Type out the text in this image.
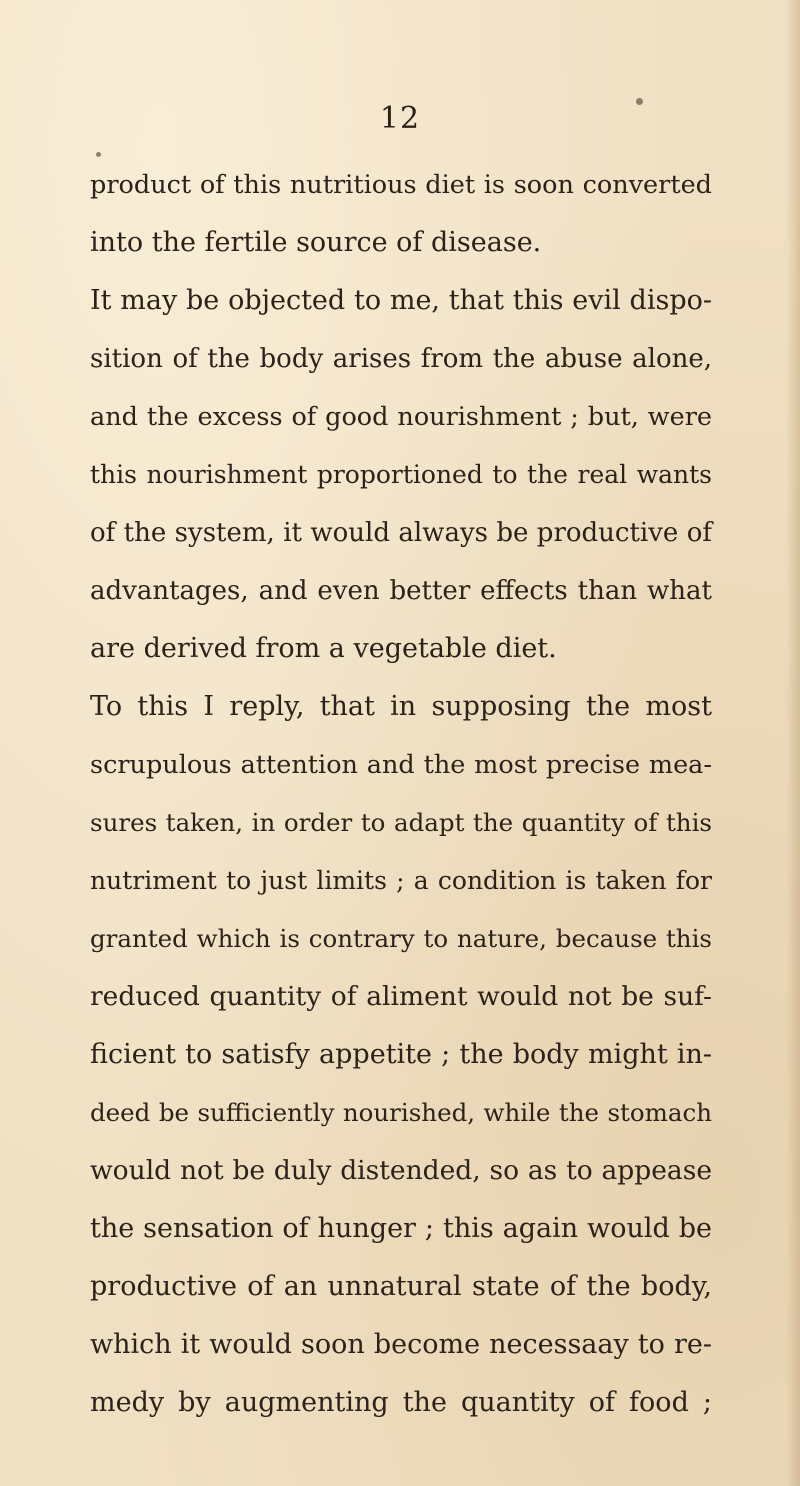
12
product of this nutritious diet is soon converted
into the fertile source of disease.
It may be objected to me, that this evil dispo-
sition of the body arises from the abuse alone,
and the excess of good nourishment ; but, were
this nourishment proportioned to the real wants
of the system, it would always be productive of
advantages, and even better effects than what
are derived from a vegetable diet.
To this I reply, that in supposing the most
scrupulous attention and the most precise mea-
sures taken, in order to adapt the quantity of this
nutriment to just limits ; a condition is taken for
granted which is contrary to nature, because this
reduced quantity of aliment would not be suf-
ficient to satisfy appetite ; the body might in-
deed be sufficiently nourished, while the stomach
would not be duly distended, so as to appease
the sensation of hunger ; this again would be
productive of an unnatural state of the body,
which it would soon become necessaay to re-
medy by augmenting the quantity of food ;
